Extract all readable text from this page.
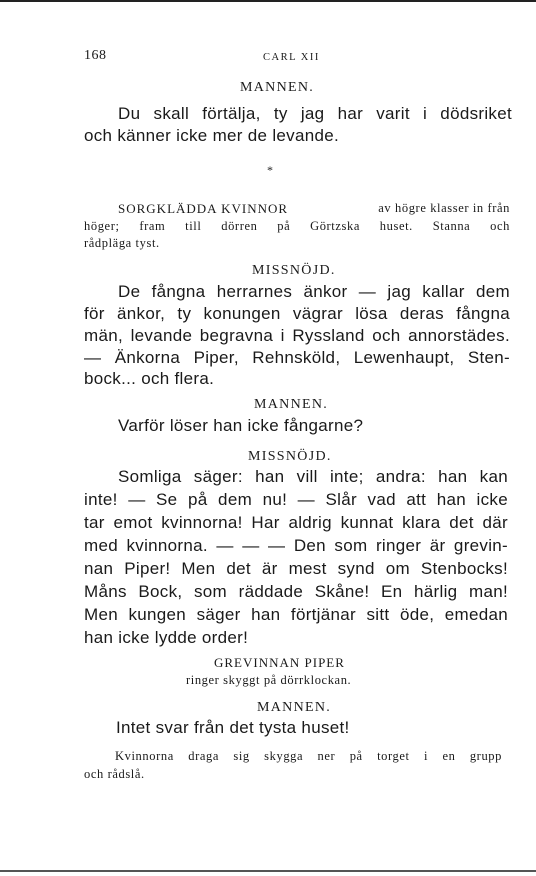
168	CARL XII
MANNEN.
Du skall förtälja, ty jag har varit i dödsriket
och känner icke mer de levande.
*
SORGKLÄDDA KVINNOR	av högre klasser in från
höger; fram till dörren på Görtzska huset. Stanna och
rådpläga tyst.
MISSNÖJD.
De fångna herrarnes änkor — jag kallar dem
för änkor, ty konungen vägrar lösa deras fångna
män, levande begravna i Ryssland och annorstädes.
— Änkorna Piper, Rehnsköld, Lewenhaupt, Sten-
bock... och flera.
MANNEN.
Varför löser han icke fångarne?
MISSNÖJD.
Somliga säger: han vill inte; andra: han kan
inte! — Se på dem nu! — Slår vad att han icke
tar emot kvinnorna! Har aldrig kunnat klara det där
med kvinnorna. — — — Den som ringer är grevin-
nan Piper! Men det är mest synd om Stenbocks!
Måns Bock, som räddade Skåne! En härlig man!
Men kungen säger han förtjänar sitt öde, emedan
han icke lydde order!
GREVINNAN PIPER
ringer skyggt på dörrklockan.
MANNEN.
Intet svar från det tysta huset!
Kvinnorna draga sig skygga ner på torget i en grupp
och rådslå.
